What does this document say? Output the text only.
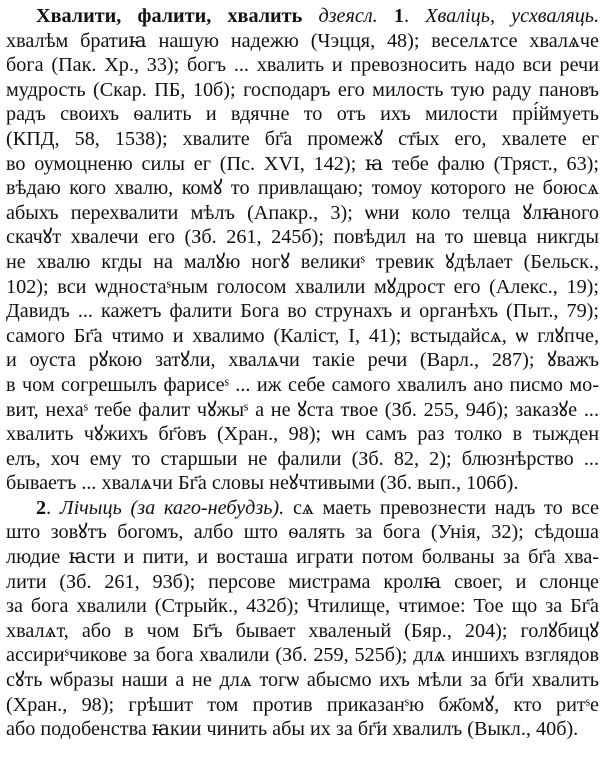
Хвалити, фалити, хвалить дзеясл. 1. Хваліць, усхваляць.
хвалѣм братиꙗ нашую надежю (Чэцця, 48); веселѧтсе хвалѧче
бога (Пак. Хр., 33); богъ ... хвалить и превозносить надо вси речи
мудрость (Скар. ПБ, 10б); господаръ его милость тую раду пановъ
радъ своихъ ѳалить и вдячне то отъ ихъ милости прі́ймуеть
(КПД, 58, 1538); хвалите бг҃а промежꙋ ст҃ых его, хвалете ег
во оумоцненю силы ег (Пс. XVI, 142); ꙗ тебе фалю (Тряст., 63);
вѣдаю кого хвалю, комꙋ то привлащаю; томоу которого не боюсѧ
абыхъ перехвалити мѣлъ (Апакр., 3); ѡни коло телца ꙋлꙗного
скачꙋт хвалечи его (Зб. 261, 245б); повѣдил на то шевца никгды
не хвалю кгды на малꙋю ногꙋ великиˢ тревик ꙋдѣлает (Бельск.,
102); вси ѡдностаˢным голосом хвалили мꙋдрост его (Алекс., 19);
Давидъ ... кажетъ фалити Бога во струнахъ и органѣхъ (Пыт., 79);
самого Бг҃а чтимо и хвалимо (Каліст, I, 41); встыдайсѧ, ѡ глꙋпче,
и оуста рꙋкою затꙋли, хвалѧчи такіе речи (Варл., 287); ꙋважъ
в чом согрешылъ фарисеˢ ... иж себе самого хвалилъ ано писмо мо-
вит, нехаˢ тебе фалит чꙋжыˢ а не ꙋста твое (Зб. 255, 94б); заказꙋе ...
хвалить чꙋжихъ бг҃овъ (Хран., 98); ѡн самъ раз толко в тыжден
елъ, хоч ему то старшыи не фалили (Зб. 82, 2); блюзнѣрство ...
бываетъ ... хвалѧчи Бг҃а словы неꙋчтивыми (Зб. вып., 106б).
2. Лічыць (за каго-небудзь). сѧ маеть превознести надъ то все
што зовꙋтъ богомъ, албо што ѳалять за бога (Унія, 32); сѣдоша
людие ꙗсти и пити, и восташа играти потом болваны за бг҃а хва-
лити (Зб. 261, 93б); персове мистрама кролꙗ своег, и слонце
за бога хвалили (Стрыйк., 432б); Чтилище, чтимое: Тое що за Бг҃а
хвалѧт, або в чом Бг҃ъ бывает хваленый (Бяр., 204); голꙋбицꙋ
ассириˢчикове за бога хвалили (Зб. 259, 525б); длѧ иншихъ взглядов
сꙋть ѡбразы наши а не длѧ тогѡ абысмо ихъ мѣли за бг҃и хвалить
(Хран., 98); грѣшит том против приказанˢю бж҃омꙋ, кто ритˢе
або подобенства ꙗкии чинить абы их за бг҃и хвалилъ (Выкл., 40б).
